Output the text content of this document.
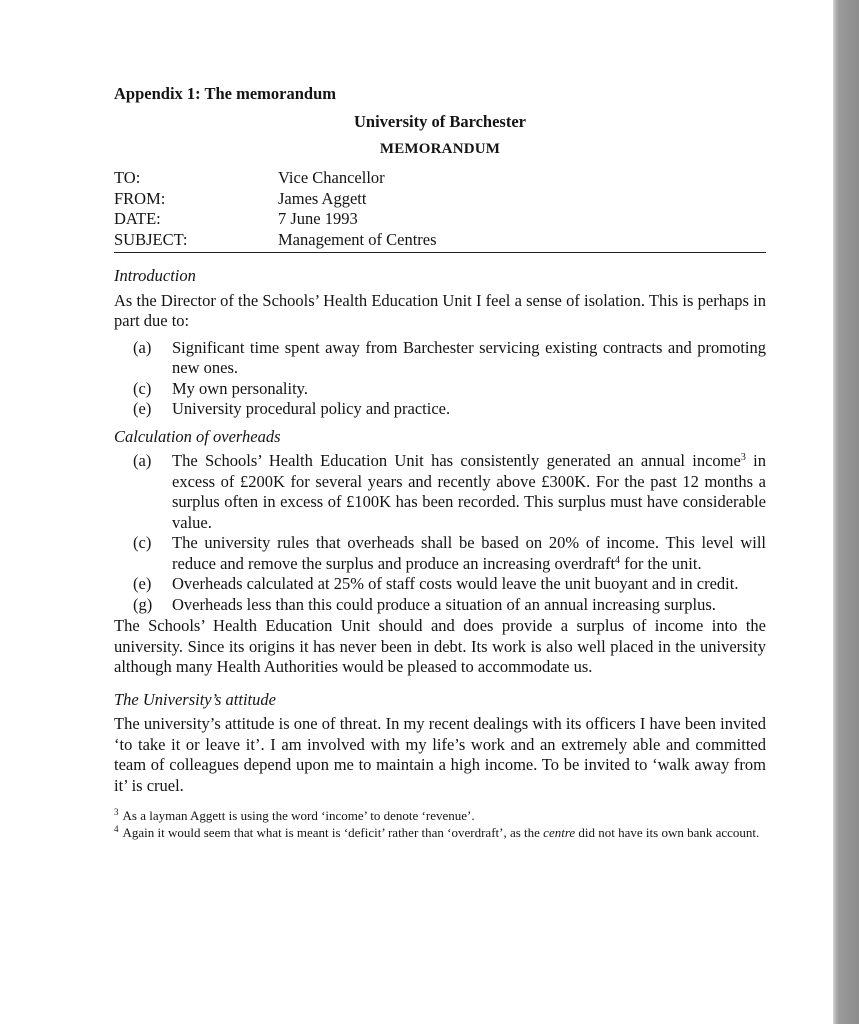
Appendix 1: The memorandum
University of Barchester
MEMORANDUM
TO:	Vice Chancellor
FROM:	James Aggett
DATE:	7 June 1993
SUBJECT:	Management of Centres
Introduction

As the Director of the Schools’ Health Education Unit I feel a sense of isolation. This is perhaps in part due to:

(a) Significant time spent away from Barchester servicing existing contracts and promoting new ones.
(c) My own personality.
(e) University procedural policy and practice.
Calculation of overheads
(a) The Schools’ Health Education Unit has consistently generated an annual income$^3$ in excess of £200K for several years and recently above £300K. For the past 12 months a surplus often in excess of £100K has been recorded. This surplus must have considerable value.
(c) The university rules that overheads shall be based on 20% of income. This level will reduce and remove the surplus and produce an increasing overdraft$^4$ for the unit.
(e) Overheads calculated at 25% of staff costs would leave the unit buoyant and in credit.
(g) Overheads less than this could produce a situation of an annual increasing surplus.

The Schools’ Health Education Unit should and does provide a surplus of income into the university. Since its origins it has never been in debt. Its work is also well placed in the university although many Health Authorities would be pleased to accommodate us.

The University’s attitude

The university’s attitude is one of threat. In my recent dealings with its officers I have been invited ‘to take it or leave it’. I am involved with my life’s work and an extremely able and committed team of colleagues depend upon me to maintain a high income. To be invited to ‘walk away from it’ is cruel.

$^3$ As a layman Aggett is using the word ‘income’ to denote ‘revenue’.
$^4$ Again it would seem that what is meant is ‘deficit’ rather than ‘overdraft’, as the centre did not have its own bank account.
